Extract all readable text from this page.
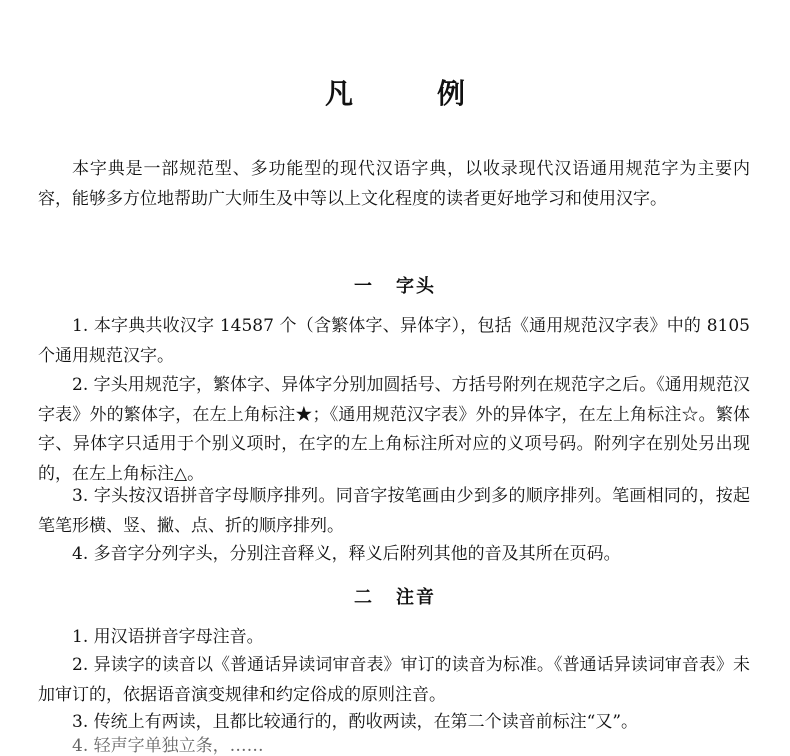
凡　例

本字典是一部规范型、多功能型的现代汉语字典，以收录现代汉语通用规范字为主要内容，能够多方位地帮助广大师生及中等以上文化程度的读者更好地学习和使用汉字。

一 字头

1. 本字典共收汉字 14587 个（含繁体字、异体字），包括《通用规范汉字表》中的 8105 个通用规范汉字。

2. 字头用规范字，繁体字、异体字分别加圆括号、方括号附列在规范字之后。《通用规范汉字表》外的繁体字，在左上角标注★；《通用规范汉字表》外的异体字，在左上角标注☆。繁体字、异体字只适用于个别义项时，在字的左上角标注所对应的义项号码。附列字在别处另出现的，在左上角标注△。

3. 字头按汉语拼音字母顺序排列。同音字按笔画由少到多的顺序排列。笔画相同的，按起笔笔形横、竖、撇、点、折的顺序排列。

4. 多音字分列字头，分别注音释义，释义后附列其他的音及其所在页码。

二 注音

1. 用汉语拼音字母注音。

2. 异读字的读音以《普通话异读词审音表》审订的读音为标准。《普通话异读词审音表》未加审订的，依据语音演变规律和约定俗成的原则注音。

3. 传统上有两读，且都比较通行的，酌收两读，在第二个读音前标注“又”。

4. 轻声字单独立条，……
